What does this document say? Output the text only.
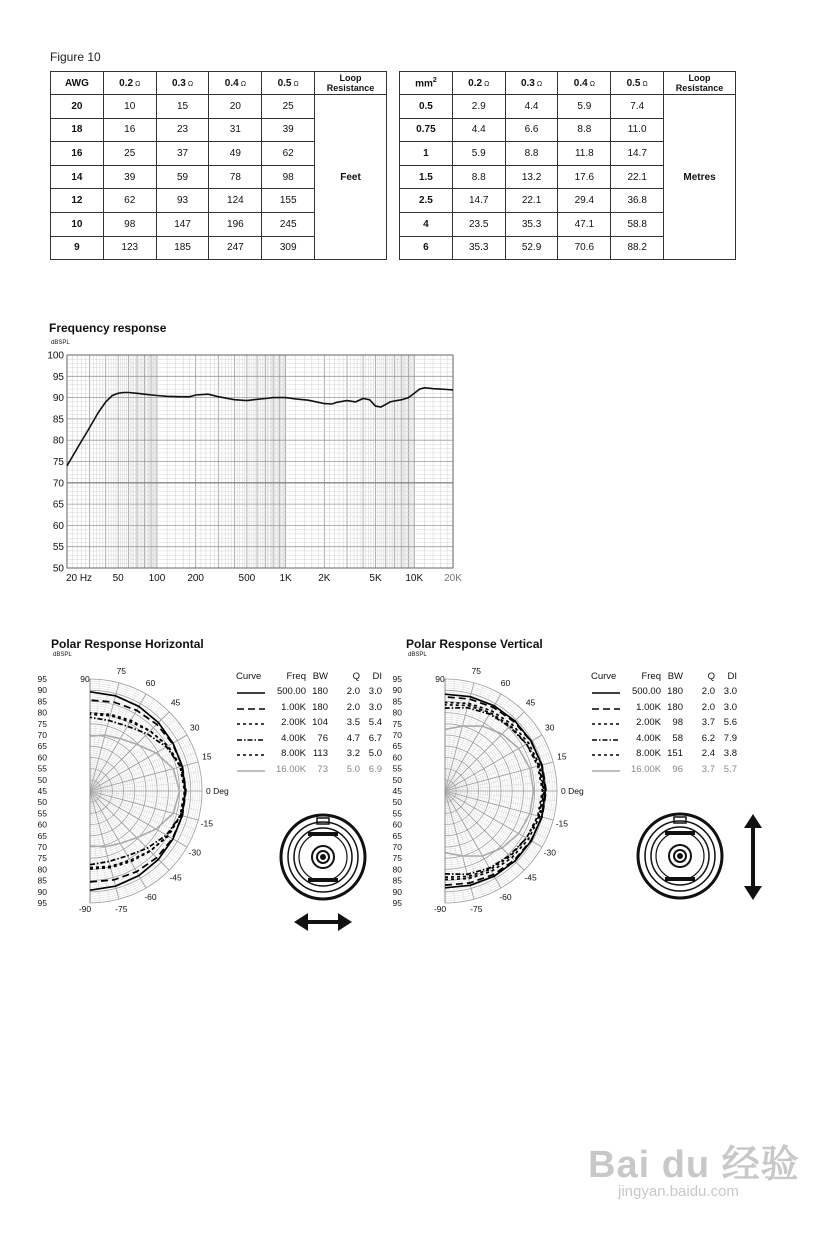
Figure 10
AWG	0.2 Ω	0.3 Ω	0.4 Ω	0.5 Ω	Loop Resistance
20	10	15	20	25	Feet
18	16	23	31	39	
16	25	37	49	62	
14	39	59	78	98	
12	62	93	124	155	
10	98	147	196	245	
9	123	185	247	309	
$mm^2$	0.2 Ω	0.3 Ω	0.4 Ω	0.5 Ω	Loop Resistance
0.5	2.9	4.4	5.9	7.4	Metres
0.75	4.4	6.6	8.8	11.0	
1	5.9	8.8	11.8	14.7	
1.5	8.8	13.2	17.6	22.1	
2.5	14.7	22.1	29.4	36.8	
4	23.5	35.3	47.1	58.8	
6	35.3	52.9	70.6	88.2	
Frequency response
dBSPL
50
55
60
65
70
75
80
85
90
95
100
20 Hz 50 100 200	500 1K	2K	5K 10K 20K
Polar Response Horizontal
dBSPL
95
95
90
90
85
85
80
80
75
75
70
70
65
65
60
60
55
55
50
50
45
90
75
60
45
30
15
0 Deg
-15
-30
-45
-60
-75
-90
Curve	Freq BW	Q	DI
500.00 180	2.0 3.0
1.00K 180	2.0 3.0
2.00K 104	3.5 5.4
4.00K	76	4.7 6.7
8.00K 113	3.2 5.0
16.00K	73	5.0 6.9
Polar Response Vertical
dBSPL
95
95
90
90
85
85
80
80
75
75
70
70
65
65
60
60
55
55
50
50
45
90
75
60
45
30
15
0 Deg
-15
-30
-45
-60
-75
-90
Curve	Freq BW	Q	DI
500.00 180	2.0 3.0
1.00K 180	2.0 3.0
2.00K	98	3.7 5.6
4.00K	58	6.2 7.9
8.00K 151	2.4 3.8
16.00K	96	3.7 5.7
Bai du 经验
jingyan.baidu.com
